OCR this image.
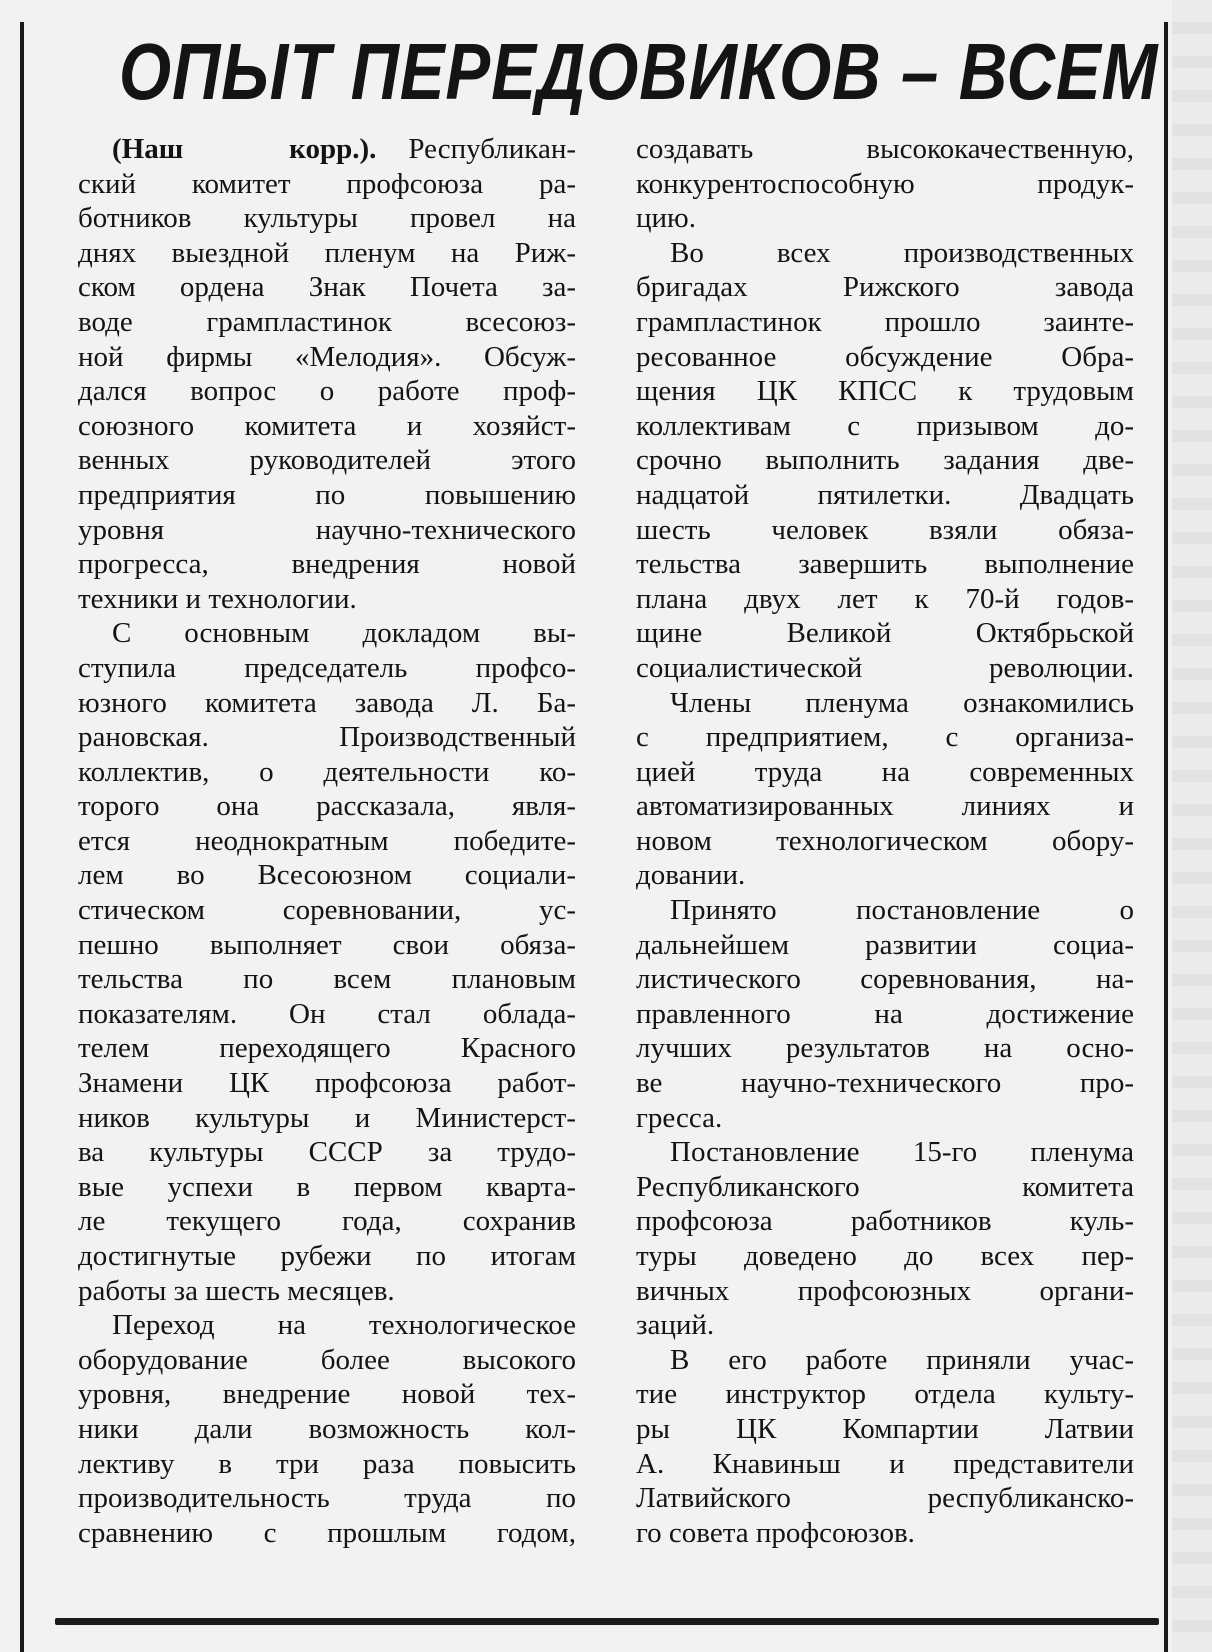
ОПЫТ ПЕРЕДОВИКОВ – ВСЕМ
(Наш корр.). Республикан-
ский комитет профсоюза ра-
ботников культуры провел на
днях выездной пленум на Риж-
ском ордена Знак Почета за-
воде грампластинок всесоюз-
ной фирмы «Мелодия». Обсуж-
дался вопрос о работе проф-
союзного комитета и хозяйст-
венных руководителей этого
предприятия по повышению
уровня научно-технического
прогресса, внедрения новой
техники и технологии.
С основным докладом вы-
ступила председатель профсо-
юзного комитета завода Л. Ба-
рановская. Производственный
коллектив, о деятельности ко-
торого она рассказала, явля-
ется неоднократным победите-
лем во Всесоюзном социали-
стическом соревновании, ус-
пешно выполняет свои обяза-
тельства по всем плановым
показателям. Он стал облада-
телем переходящего Красного
Знамени ЦК профсоюза работ-
ников культуры и Министерст-
ва культуры СССР за трудо-
вые успехи в первом кварта-
ле текущего года, сохранив
достигнутые рубежи по итогам
работы за шесть месяцев.
Переход на технологическое
оборудование более высокого
уровня, внедрение новой тех-
ники дали возможность кол-
лективу в три раза повысить
производительность труда по
сравнению с прошлым годом,
создавать высококачественную,
конкурентоспособную продук-
цию.
Во всех производственных
бригадах Рижского завода
грампластинок прошло заинте-
ресованное обсуждение Обра-
щения ЦК КПСС к трудовым
коллективам с призывом до-
срочно выполнить задания две-
надцатой пятилетки. Двадцать
шесть человек взяли обяза-
тельства завершить выполнение
плана двух лет к 70-й годов-
щине Великой Октябрьской
социалистической революции.
Члены пленума ознакомились
с предприятием, с организа-
цией труда на современных
автоматизированных линиях и
новом технологическом обору-
довании.
Принято постановление о
дальнейшем развитии социа-
листического соревнования, на-
правленного на достижение
лучших результатов на осно-
ве научно-технического про-
гресса.
Постановление 15-го пленума
Республиканского комитета
профсоюза работников куль-
туры доведено до всех пер-
вичных профсоюзных органи-
заций.
В его работе приняли учас-
тие инструктор отдела культу-
ры ЦК Компартии Латвии
А. Кнавиньш и представители
Латвийского республиканско-
го совета профсоюзов.
